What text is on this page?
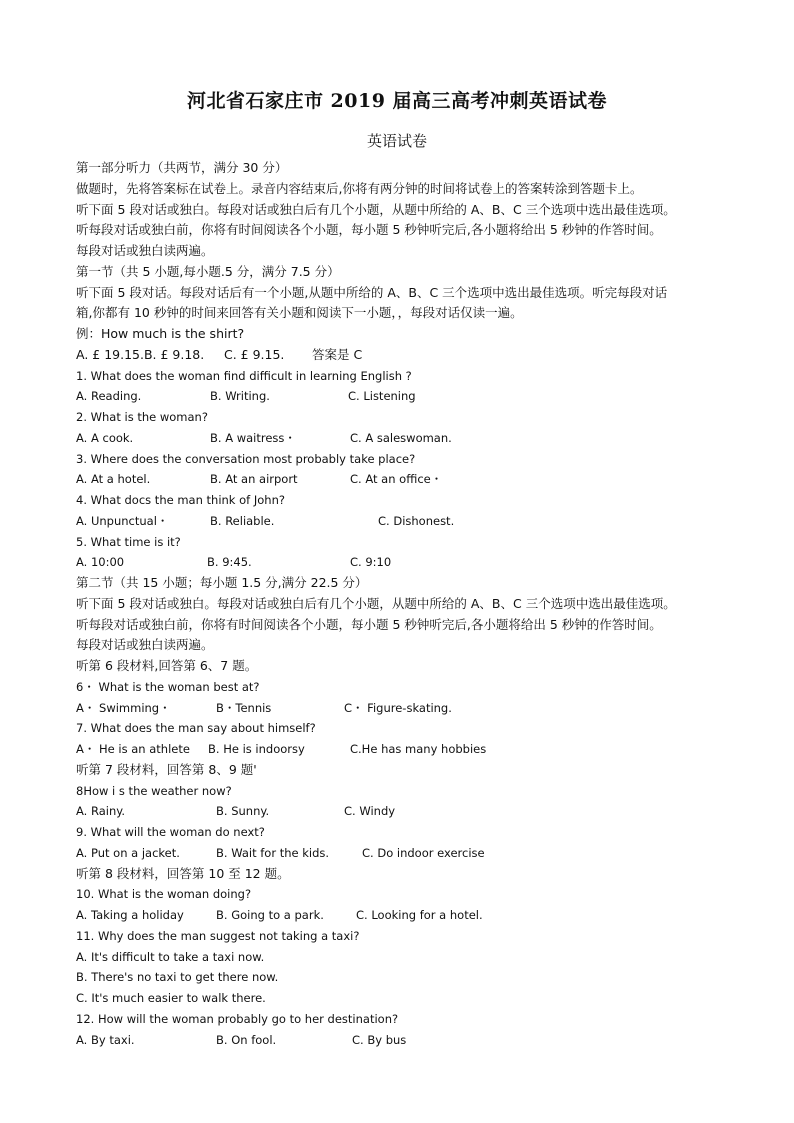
河北省石家庄市 2019 届高三高考冲刺英语试卷
英语试卷
第一部分听力（共两节，满分 30 分）
做题时，先将答案标在试卷上。录音内容结束后,你将有两分钟的时间将试卷上的答案转涂到答题卡上。
听下面 5 段对话或独白。每段对话或独白后有几个小题，从题中所给的 A、B、C 三个选项中选出最佳选项。
听每段对话或独白前，你将有时间阅读各个小题，每小题 5 秒钟听完后,各小题将给出 5 秒钟的作答时间。
每段对话或独白读两遍。
第一节（共 5 小题,每小题.5 分，满分 7.5 分）
听下面 5 段对话。每段对话后有一个小题,从题中所给的 A、B、C 三个选项中选出最佳选项。听完每段对话
箱,你都有 10 秒钟的时间来回答有关小题和阅读下一小题，，每段对话仅读一遍。
例：How much is the shirt?
A. £ 19.15.B. £ 9.18. C. £ 9.15. 答案是 C
1. What does the woman find difficult in learning English ?
A. Reading.	B. Writing.	C. Listening
2. What is the woman?
A. A cook.	B. A waitress・	C. A saleswoman.
3. Where does the conversation most probably take place?
A. At a hotel.	B. At an airport	C. At an office・
4. What docs the man think of John?
A. Unpunctual・	B. Reliable.	C. Dishonest.
5. What time is it?
A. 10:00	B. 9:45.	C. 9:10
第二节（共 15 小题；每小题 1.5 分,满分 22.5 分）
听下面 5 段对话或独白。每段对话或独白后有几个小题，从题中所给的 A、B、C 三个选项中选出最佳选项。
听每段对话或独白前，你将有时间阅读各个小题，每小题 5 秒钟听完后,各小题将给出 5 秒钟的作答时间。
每段对话或独白读两遍。
听第 6 段材料,回答第 6、7 题。
6・ What is the woman best at?
A・ Swimming・	B・Tennis	C・ Figure-skating.
7. What does the man say about himself?
A・ He is an athlete B. He is indoorsy	C.He has many hobbies
听第 7 段材料，回答第 8、9 题'
8How i s the weather now?
A. Rainy.	B. Sunny.	C. Windy
9. What will the woman do next?
A. Put on a jacket.	B. Wait for the kids.	C. Do indoor exercise
听第 8 段材料，回答第 10 至 12 题。
10. What is the woman doing?
A. Taking a holiday	B. Going to a park.	C. Looking for a hotel.
11. Why does the man suggest not taking a taxi?
A. It's difficult to take a taxi now.
B. There's no taxi to get there now.
C. It's much easier to walk there.
12. How will the woman probably go to her destination?
A. By taxi.	B. On fool.	C. By bus
